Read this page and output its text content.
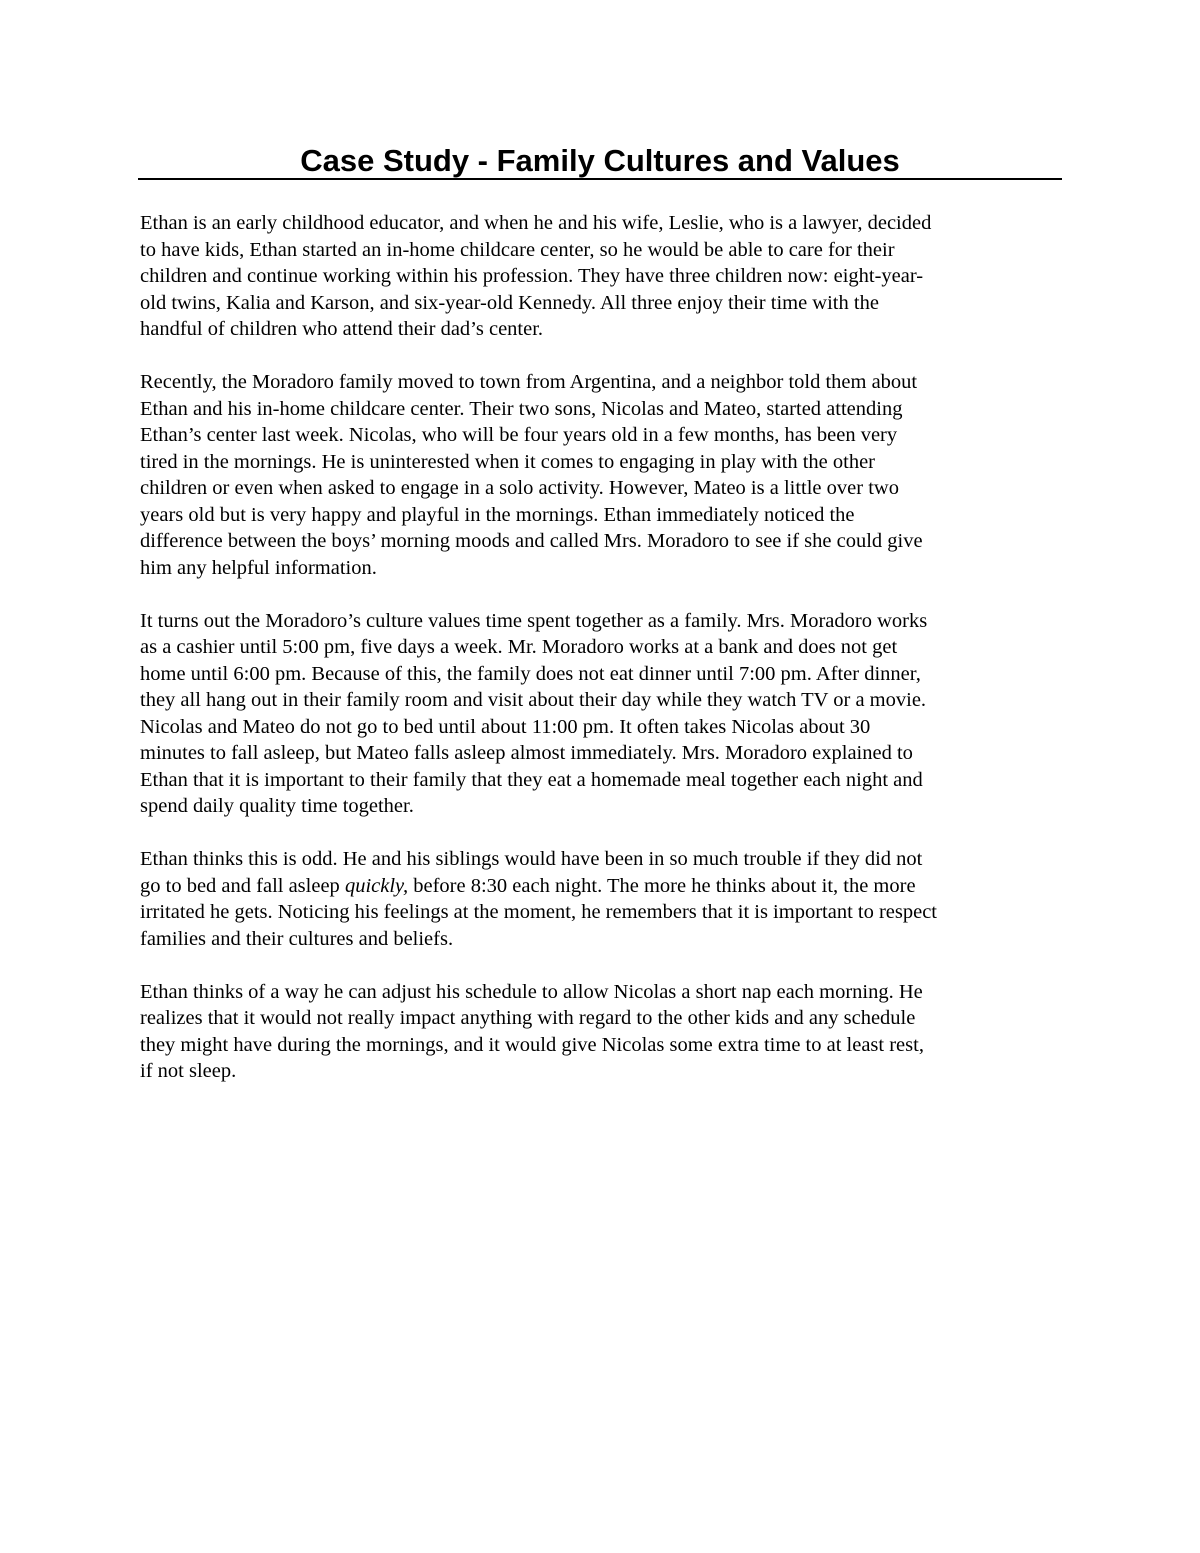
Case Study - Family Cultures and Values

Ethan is an early childhood educator, and when he and his wife, Leslie, who is a lawyer, decided
to have kids, Ethan started an in-home childcare center, so he would be able to care for their
children and continue working within his profession. They have three children now: eight-year-
old twins, Kalia and Karson, and six-year-old Kennedy. All three enjoy their time with the
handful of children who attend their dad’s center.

Recently, the Moradoro family moved to town from Argentina, and a neighbor told them about
Ethan and his in-home childcare center. Their two sons, Nicolas and Mateo, started attending
Ethan’s center last week. Nicolas, who will be four years old in a few months, has been very
tired in the mornings. He is uninterested when it comes to engaging in play with the other
children or even when asked to engage in a solo activity. However, Mateo is a little over two
years old but is very happy and playful in the mornings. Ethan immediately noticed the
difference between the boys’ morning moods and called Mrs. Moradoro to see if she could give
him any helpful information.

It turns out the Moradoro’s culture values time spent together as a family. Mrs. Moradoro works
as a cashier until 5:00 pm, five days a week. Mr. Moradoro works at a bank and does not get
home until 6:00 pm. Because of this, the family does not eat dinner until 7:00 pm. After dinner,
they all hang out in their family room and visit about their day while they watch TV or a movie.
Nicolas and Mateo do not go to bed until about 11:00 pm. It often takes Nicolas about 30
minutes to fall asleep, but Mateo falls asleep almost immediately. Mrs. Moradoro explained to
Ethan that it is important to their family that they eat a homemade meal together each night and
spend daily quality time together.

Ethan thinks this is odd. He and his siblings would have been in so much trouble if they did not
go to bed and fall asleep quickly, before 8:30 each night. The more he thinks about it, the more
irritated he gets. Noticing his feelings at the moment, he remembers that it is important to respect
families and their cultures and beliefs.

Ethan thinks of a way he can adjust his schedule to allow Nicolas a short nap each morning. He
realizes that it would not really impact anything with regard to the other kids and any schedule
they might have during the mornings, and it would give Nicolas some extra time to at least rest,
if not sleep.
